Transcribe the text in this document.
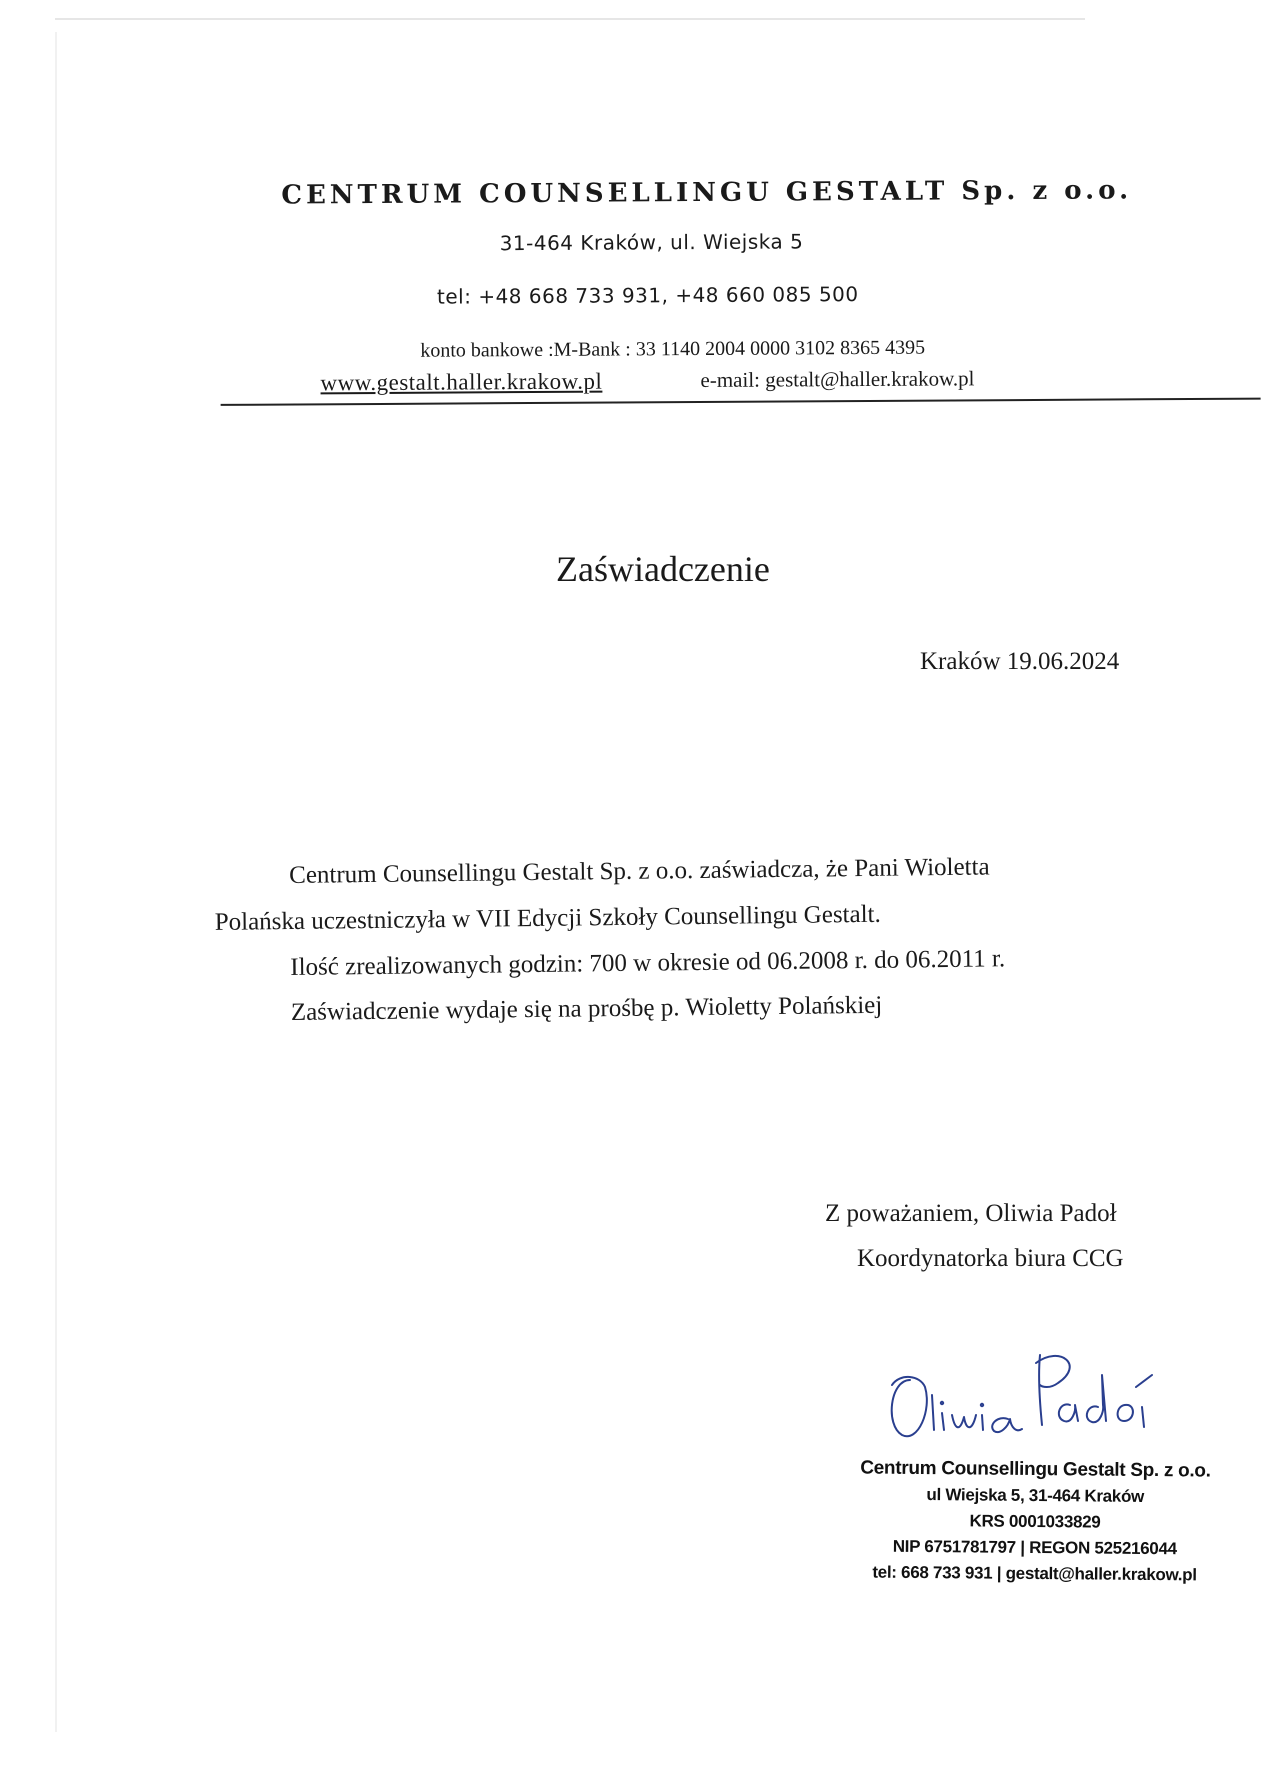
CENTRUM COUNSELLINGU GESTALT Sp. z o.o.
31-464 Kraków, ul. Wiejska 5
tel: +48 668 733 931, +48 660 085 500
konto bankowe :M-Bank : 33 1140 2004 0000 3102 8365 4395
www.gestalt.haller.krakow.pl	e-mail: gestalt@haller.krakow.pl
Zaświadczenie
Kraków 19.06.2024
Centrum Counsellingu Gestalt Sp. z o.o. zaświadcza, że Pani Wioletta
Polańska uczestniczyła w VII Edycji Szkoły Counsellingu Gestalt.
Ilość zrealizowanych godzin: 700 w okresie od 06.2008 r. do 06.2011 r.
Zaświadczenie wydaje się na prośbę p. Wioletty Polańskiej
Z poważaniem, Oliwia Padoł
Koordynatorka biura CCG
Centrum Counsellingu Gestalt Sp. z o.o.
ul Wiejska 5, 31-464 Kraków
KRS 0001033829
NIP 6751781797 | REGON 525216044
tel: 668 733 931 | gestalt@haller.krakow.pl
